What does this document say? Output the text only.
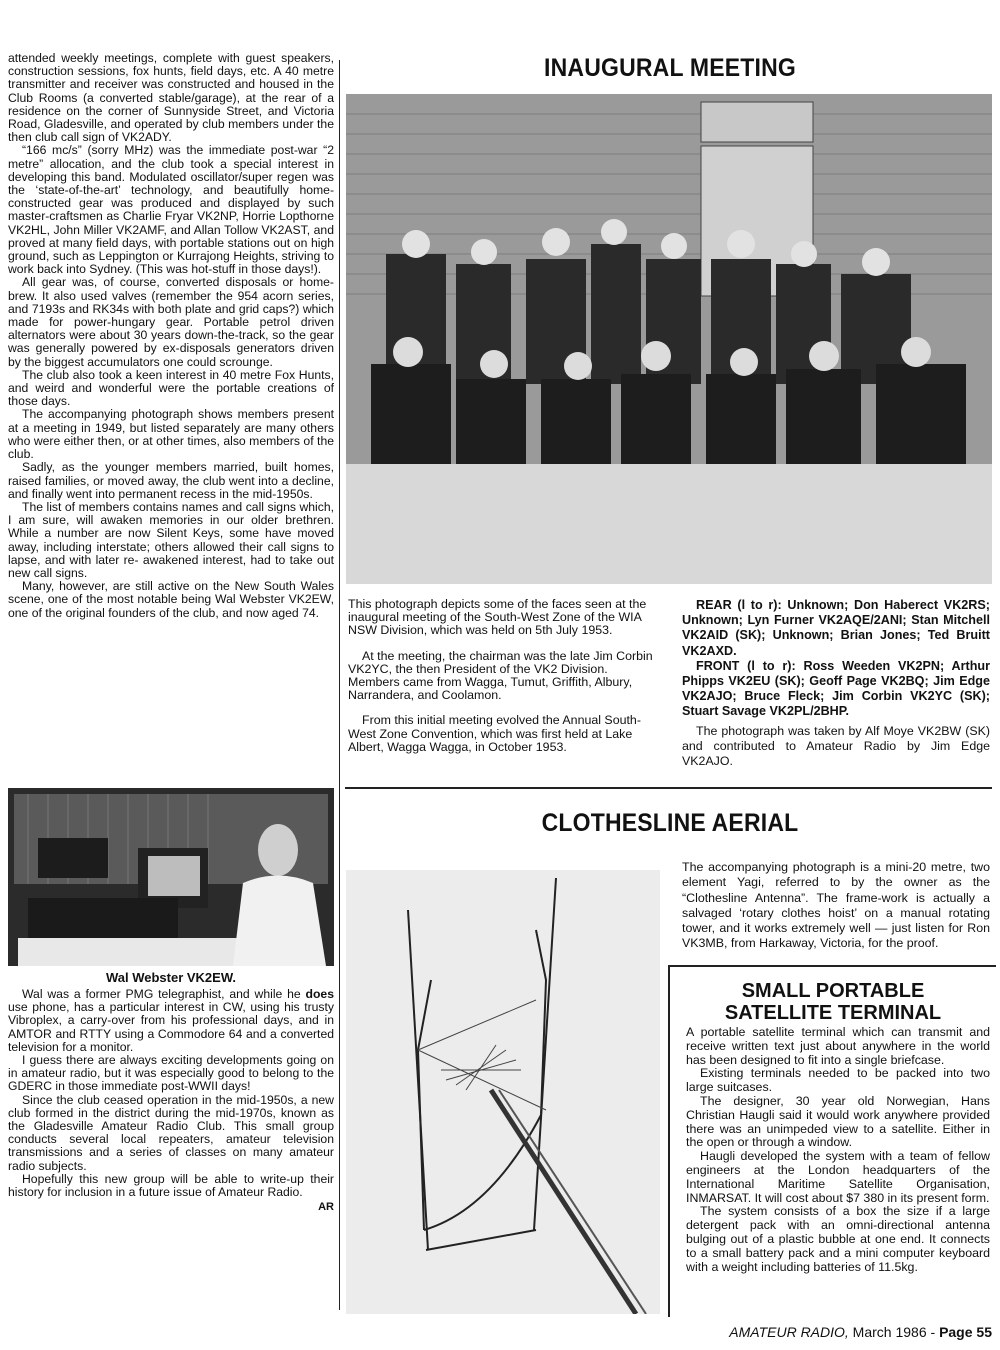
attended weekly meetings, complete with guest speakers, construction sessions, fox hunts, field days, etc. A 40 metre transmitter and receiver was constructed and housed in the Club Rooms (a converted stable/garage), at the rear of a residence on the corner of Sunnyside Street, and Victoria Road, Gladesville, and operated by club members under the then club call sign of VK2ADY.

“166 mc/s” (sorry MHz) was the immediate post-war “2 metre” allocation, and the club took a special interest in developing this band. Modulated oscillator/super regen was the ‘state-of-the-art’ technology, and beautifully home-constructed gear was produced and displayed by such master-craftsmen as Charlie Fryar VK2NP, Horrie Lopthorne VK2HL, John Miller VK2AMF, and Allan Tollow VK2AST, and proved at many field days, with portable stations out on high ground, such as Leppington or Kurrajong Heights, striving to work back into Sydney. (This was hot-stuff in those days!).

All gear was, of course, converted disposals or home-brew. It also used valves (remember the 954 acorn series, and 7193s and RK34s with both plate and grid caps?) which made for power-hungary gear. Portable petrol driven alternators were about 30 years down-the-track, so the gear was generally powered by ex-disposals generators driven by the biggest accumulators one could scrounge.

The club also took a keen interest in 40 metre Fox Hunts, and weird and wonderful were the portable creations of those days.

The accompanying photograph shows members present at a meeting in 1949, but listed separately are many others who were either then, or at other times, also members of the club.

Sadly, as the younger members married, built homes, raised families, or moved away, the club went into a decline, and finally went into permanent recess in the mid-1950s.

The list of members contains names and call signs which, I am sure, will awaken memories in our older brethren. While a number are now Silent Keys, some have moved away, including interstate; others allowed their call signs to lapse, and with later re- awakened interest, had to take out new call signs.

Many, however, are still active on the New South Wales scene, one of the most notable being Wal Webster VK2EW, one of the original founders of the club, and now aged 74.

Wal Webster VK2EW.

Wal was a former PMG telegraphist, and while he does use phone, has a particular interest in CW, using his trusty Vibroplex, a carry-over from his professional days, and in AMTOR and RTTY using a Commodore 64 and a converted television for a monitor.

I guess there are always exciting developments going on in amateur radio, but it was especially good to belong to the GDERC in those immediate post-WWII days!

Since the club ceased operation in the mid-1950s, a new club formed in the district during the mid-1970s, known as the Gladesville Amateur Radio Club. This small group conducts several local repeaters, amateur television transmissions and a series of classes on many amateur radio subjects.

Hopefully this new group will be able to write-up their history for inclusion in a future issue of Amateur Radio.

AR
INAUGURAL MEETING

This photograph depicts some of the faces seen at the inaugural meeting of the South-West Zone of the WIA NSW Division, which was held on 5th July 1953.

At the meeting, the chairman was the late Jim Corbin VK2YC, the then President of the VK2 Division. Members came from Wagga, Tumut, Griffith, Albury, Narrandera, and Coolamon.

From this initial meeting evolved the Annual South-West Zone Convention, which was first held at Lake Albert, Wagga Wagga, in October 1953.

REAR (l to r): Unknown; Don Haberect VK2RS; Unknown; Lyn Furner VK2AQE/2ANI; Stan Mitchell VK2AID (SK); Unknown; Brian Jones; Ted Bruitt VK2AXD.

FRONT (l to r): Ross Weeden VK2PN; Arthur Phipps VK2EU (SK); Geoff Page VK2BQ; Jim Edge VK2AJO; Bruce Fleck; Jim Corbin VK2YC (SK); Stuart Savage VK2PL/2BHP.

The photograph was taken by Alf Moye VK2BW (SK) and contributed to Amateur Radio by Jim Edge VK2AJO.

CLOTHESLINE AERIAL
The accompanying photograph is a mini-20 metre, two element Yagi, referred to by the owner as the “Clothesline Antenna”. The frame-work is actually a salvaged ‘rotary clothes hoist’ on a manual rotating tower, and it works extremely well — just listen for Ron VK3MB, from Harkaway, Victoria, for the proof.
SMALL PORTABLE
SATELLITE TERMINAL

A portable satellite terminal which can transmit and receive written text just about anywhere in the world has been designed to fit into a single briefcase.

Existing terminals needed to be packed into two large suitcases.

The designer, 30 year old Norwegian, Hans Christian Haugli said it would work anywhere provided there was an unimpeded view to a satellite. Either in the open or through a window.

Haugli developed the system with a team of fellow engineers at the London headquarters of the International Maritime Satellite Organisation, INMARSAT. It will cost about $7 380 in its present form.

The system consists of a box the size if a large detergent pack with an omni-directional antenna bulging out of a plastic bubble at one end. It connects to a small battery pack and a mini computer keyboard with a weight including batteries of 11.5kg.

AMATEUR RADIO, March 1986 - Page 55
